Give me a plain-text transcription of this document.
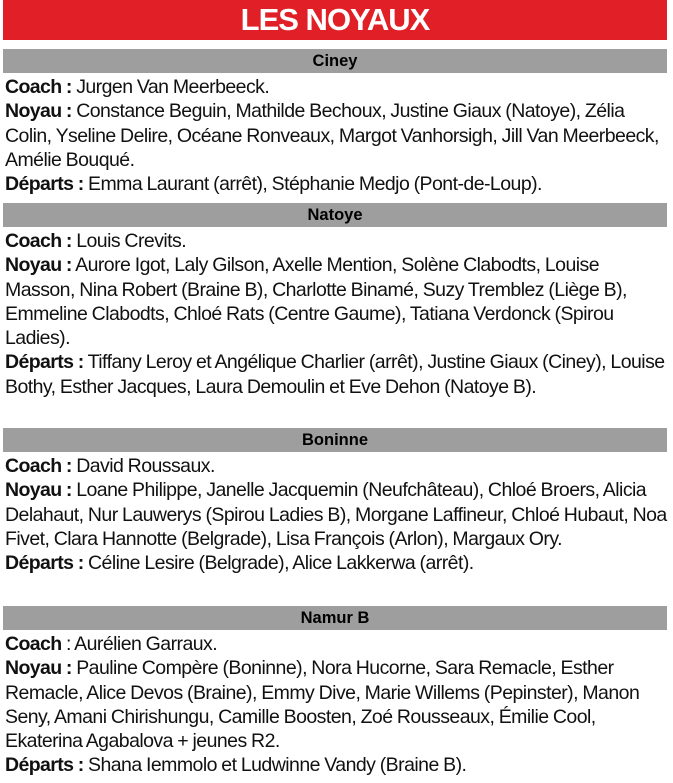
LES NOYAUX
Ciney
Coach : Jurgen Van Meerbeeck.
Noyau : Constance Beguin, Mathilde Bechoux, Justine Giaux (Natoye), Zélia Colin, Yseline Delire, Océane Ronveaux, Margot Vanhorsigh, Jill Van Meerbeeck, Amélie Bouqué.
Départs : Emma Laurant (arrêt), Stéphanie Medjo (Pont-de-Loup).
Natoye
Coach : Louis Crevits.
Noyau : Aurore Igot, Laly Gilson, Axelle Mention, Solène Clabodts, Louise Masson, Nina Robert (Braine B), Charlotte Binamé, Suzy Tremblez (Liège B), Emmeline Clabodts, Chloé Rats (Centre Gaume), Tatiana Verdonck (Spirou Ladies).
Départs : Tiffany Leroy et Angélique Charlier (arrêt), Justine Giaux (Ciney), Louise Bothy, Esther Jacques, Laura Demoulin et Eve Dehon (Natoye B).
Boninne
Coach : David Roussaux.
Noyau : Loane Philippe, Janelle Jacquemin (Neufchâteau), Chloé Broers, Alicia Delahaut, Nur Lauwerys (Spirou Ladies B), Morgane Laffineur, Chloé Hubaut, Noa Fivet, Clara Hannotte (Belgrade), Lisa François (Arlon), Margaux Ory.
Départs : Céline Lesire (Belgrade), Alice Lakkerwa (arrêt).
Namur B
Coach : Aurélien Garraux.
Noyau : Pauline Compère (Boninne), Nora Hucorne, Sara Remacle, Esther Remacle, Alice Devos (Braine), Emmy Dive, Marie Willems (Pepinster), Manon Seny, Amani Chirishungu, Camille Boosten, Zoé Rousseaux, Émilie Cool, Ekaterina Agabalova + jeunes R2.
Départs : Shana Iemmolo et Ludwinne Vandy (Braine B).
